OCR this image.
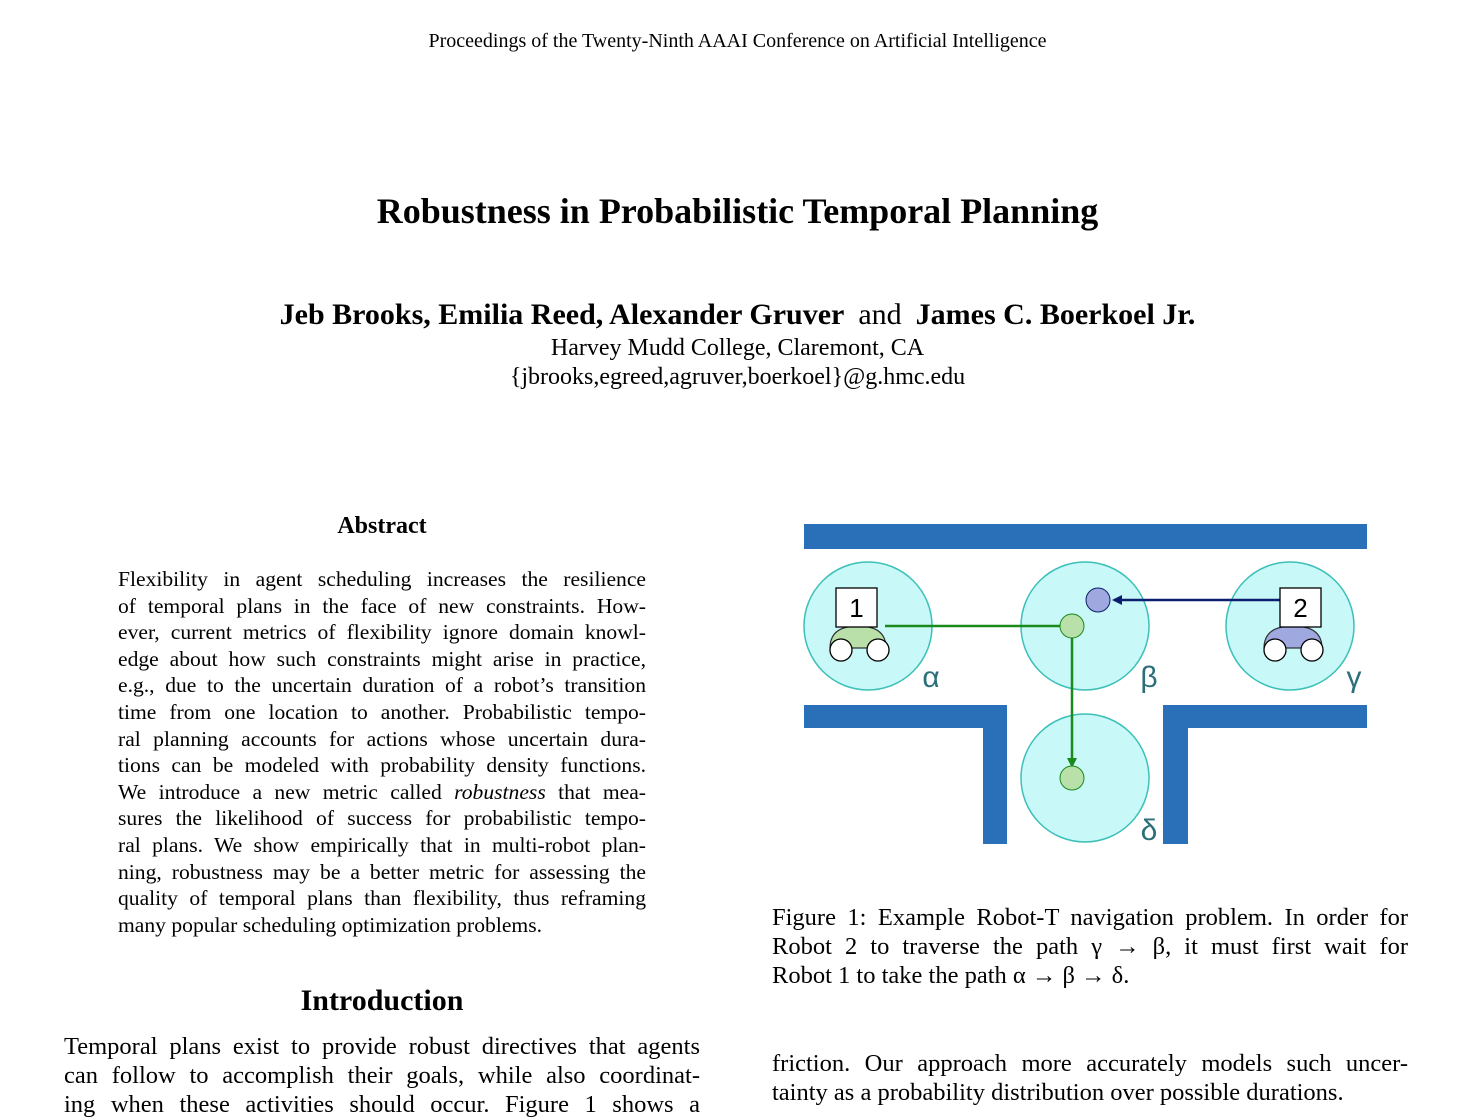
Proceedings of the Twenty-Ninth AAAI Conference on Artificial Intelligence
Robustness in Probabilistic Temporal Planning
Jeb Brooks, Emilia Reed, Alexander Gruver and James C. Boerkoel Jr.
Harvey Mudd College, Claremont, CA
{jbrooks,egreed,agruver,boerkoel}@g.hmc.edu
Abstract
Flexibility in agent scheduling increases the resilience
of temporal plans in the face of new constraints. How-
ever, current metrics of flexibility ignore domain knowl-
edge about how such constraints might arise in practice,
e.g., due to the uncertain duration of a robot’s transition
time from one location to another. Probabilistic tempo-
ral planning accounts for actions whose uncertain dura-
tions can be modeled with probability density functions.
We introduce a new metric called robustness that mea-
sures the likelihood of success for probabilistic tempo-
ral plans. We show empirically that in multi-robot plan-
ning, robustness may be a better metric for assessing the
quality of temporal plans than flexibility, thus reframing
many popular scheduling optimization problems.
Introduction
Temporal plans exist to provide robust directives that agents
can follow to accomplish their goals, while also coordinat-
ing when these activities should occur. Figure 1 shows a
1	2
α	β	γ
δ
Figure 1: Example Robot-T navigation problem. In order for
Robot 2 to traverse the path γ → β, it must first wait for
Robot 1 to take the path α → β → δ.
friction. Our approach more accurately models such uncer-
tainty as a probability distribution over possible durations.
